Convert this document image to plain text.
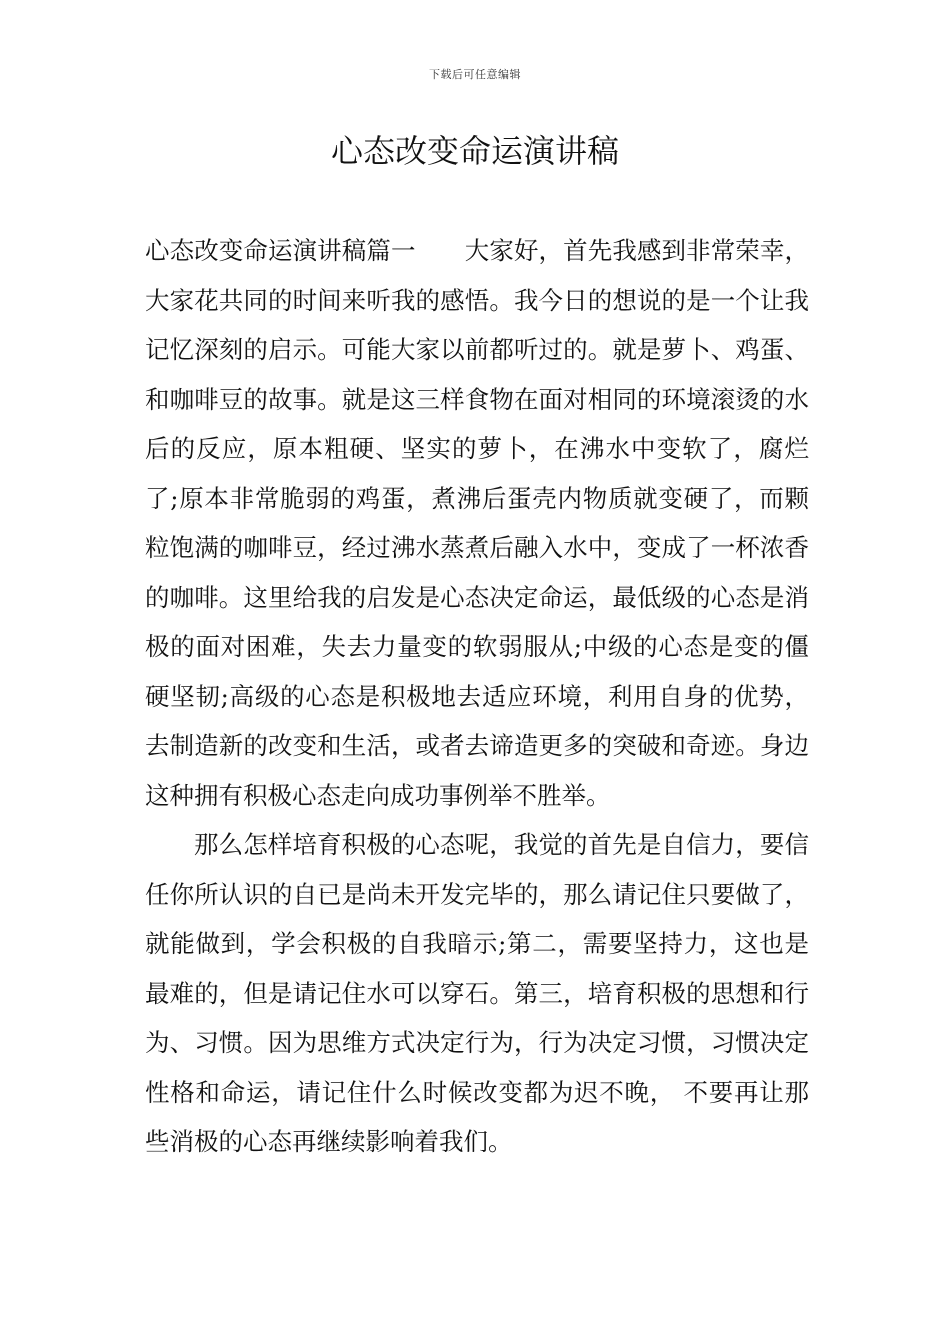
下载后可任意编辑
心态改变命运演讲稿

心态改变命运演讲稿篇一　　大家好，首先我感到非常荣幸，大家花共同的时间来听我的感悟。我今日的想说的是一个让我记忆深刻的启示。可能大家以前都听过的。就是萝卜、鸡蛋、和咖啡豆的故事。就是这三样食物在面对相同的环境滚烫的水后的反应，原本粗硬、坚实的萝卜，在沸水中变软了，腐烂了;原本非常脆弱的鸡蛋，煮沸后蛋壳内物质就变硬了，而颗粒饱满的咖啡豆，经过沸水蒸煮后融入水中，变成了一杯浓香的咖啡。这里给我的启发是心态决定命运，最低级的心态是消极的面对困难，失去力量变的软弱服从;中级的心态是变的僵硬坚韧;高级的心态是积极地去适应环境，利用自身的优势，去制造新的改变和生活，或者去谛造更多的突破和奇迹。身边这种拥有积极心态走向成功事例举不胜举。

那么怎样培育积极的心态呢，我觉的首先是自信力，要信任你所认识的自已是尚未开发完毕的，那么请记住只要做了，就能做到，学会积极的自我暗示;第二，需要坚持力，这也是最难的，但是请记住水可以穿石。第三，培育积极的思想和行为、习惯。因为思维方式决定行为，行为决定习惯，习惯决定性格和命运，请记住什么时候改变都为迟不晚， 不要再让那些消极的心态再继续影响着我们。
